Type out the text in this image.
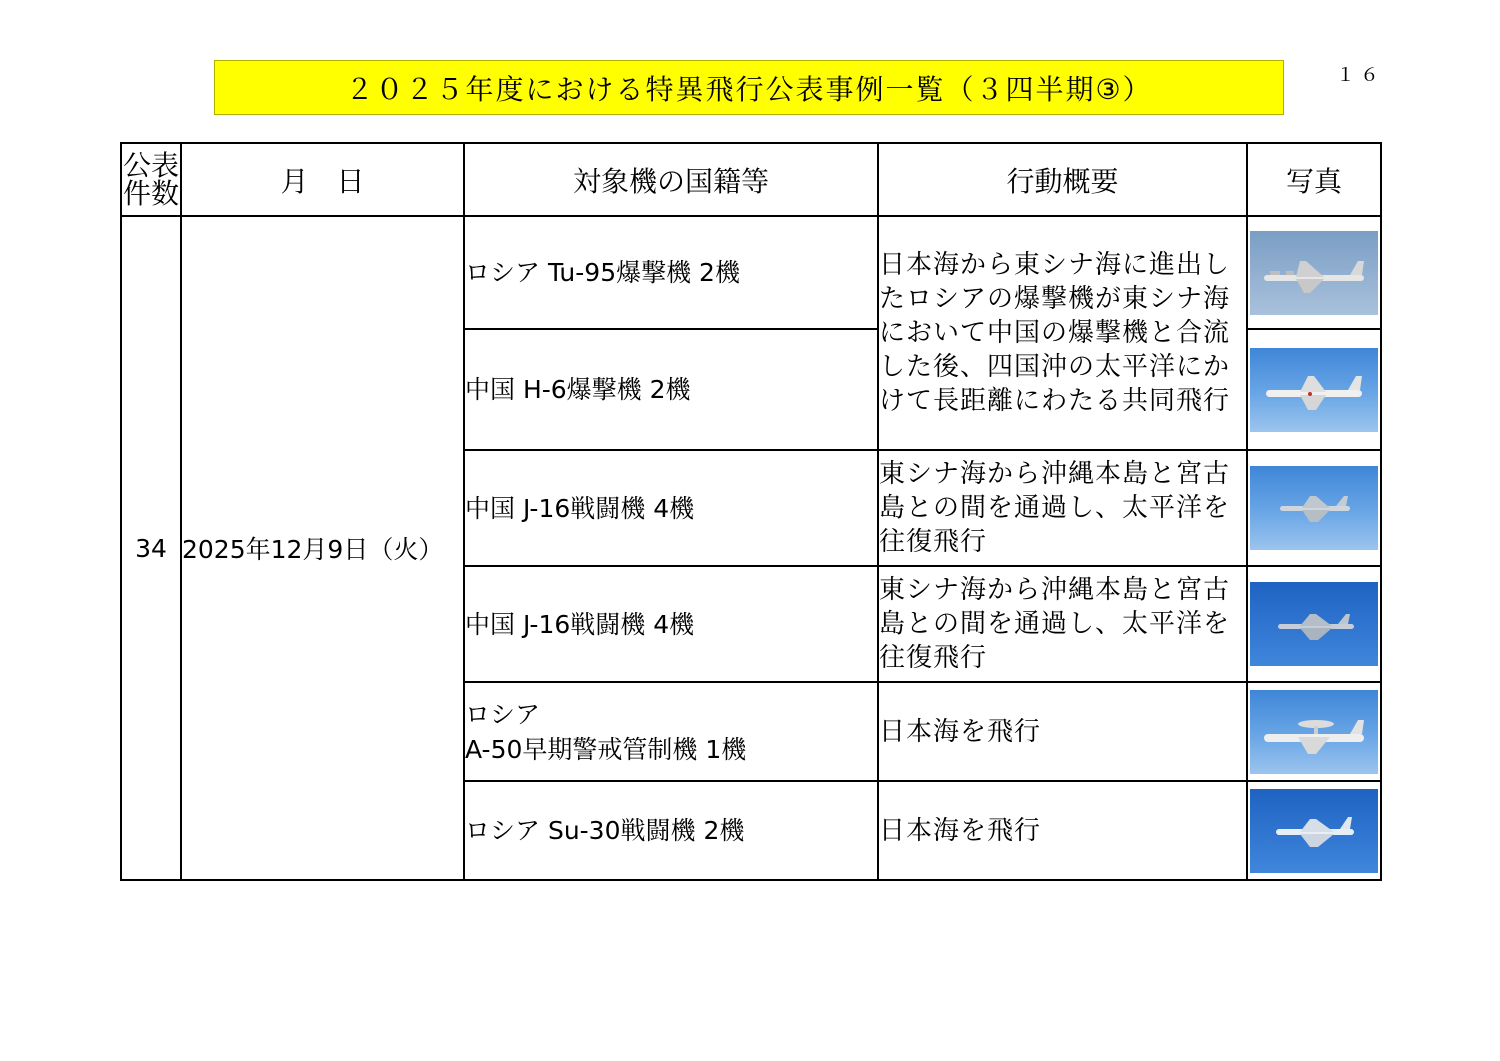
１６
２０２５年度における特異飛行公表事例一覧（３四半期③）
公表
件数	月　日	対象機の国籍等	行動概要	写真
34	2025年12月9日（火）	ロシア Tu-95爆撃機 2機	日本海から東シナ海に進出したロシアの爆撃機が東シナ海において中国の爆撃機と合流した後、四国沖の太平洋にかけて長距離にわたる共同飛行	

		中国 H-6爆撃機 2機	

		中国 J-16戦闘機 4機	東シナ海から沖縄本島と宮古島との間を通過し、太平洋を往復飛行	

		中国 J-16戦闘機 4機	東シナ海から沖縄本島と宮古島との間を通過し、太平洋を往復飛行	

		ロシア
A-50早期警戒管制機 1機	日本海を飛行	

		ロシア Su-30戦闘機 2機	日本海を飛行	
